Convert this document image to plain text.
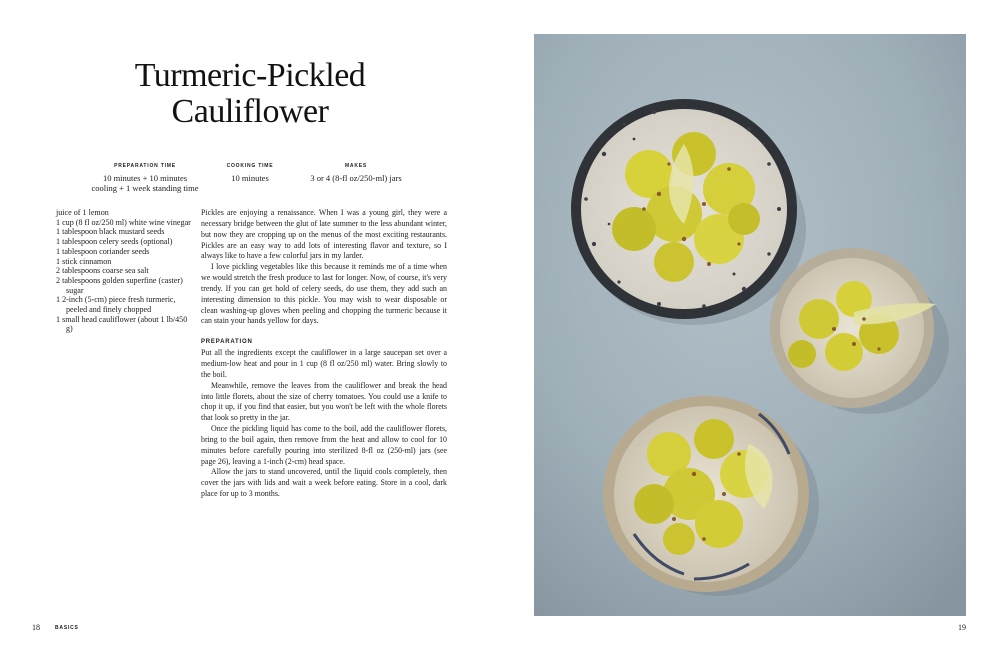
Turmeric-Pickled
Cauliflower
PREPARATION TIME
10 minutes + 10 minutes
cooling + 1 week standing time
COOKING TIME
10 minutes
MAKES
3 or 4 (8-fl oz/250-ml) jars
juice of 1 lemon
1 cup (8 fl oz/250 ml) white wine vinegar
1 tablespoon black mustard seeds
1 tablespoon celery seeds (optional)
1 tablespoon coriander seeds
1 stick cinnamon
2 tablespoons coarse sea salt
2 tablespoons golden superfine (caster) sugar
1 2-inch (5-cm) piece fresh turmeric, peeled and finely chopped
1 small head cauliflower (about 1 lb/450 g)

Pickles are enjoying a renaissance. When I was a young girl, they were a necessary bridge between the glut of late summer to the less abundant winter, but now they are cropping up on the menus of the most exciting restaurants. Pickles are an easy way to add lots of interesting flavor and texture, so I always like to have a few colorful jars in my larder.

I love pickling vegetables like this because it reminds me of a time when we would stretch the fresh produce to last for longer. Now, of course, it's very trendy. If you can get hold of celery seeds, do use them, they add such an interesting dimension to this pickle. You may wish to wear disposable or clean washing-up gloves when peeling and chopping the turmeric because it can stain your hands yellow for days.

PREPARATION

Put all the ingredients except the cauliflower in a large saucepan set over a medium-low heat and pour in 1 cup (8 fl oz/250 ml) water. Bring slowly to the boil.

Meanwhile, remove the leaves from the cauliflower and break the head into little florets, about the size of cherry tomatoes. You could use a knife to chop it up, if you find that easier, but you won't be left with the whole florets that look so pretty in the jar.

Once the pickling liquid has come to the boil, add the cauliflower florets, bring to the boil again, then remove from the heat and allow to cool for 10 minutes before carefully pouring into sterilized 8-fl oz (250-ml) jars (see page 26), leaving a 1-inch (2-cm) head space.

Allow the jars to stand uncovered, until the liquid cools completely, then cover the jars with lids and wait a week before eating. Store in a cool, dark place for up to 3 months.

18	BASICS	19
